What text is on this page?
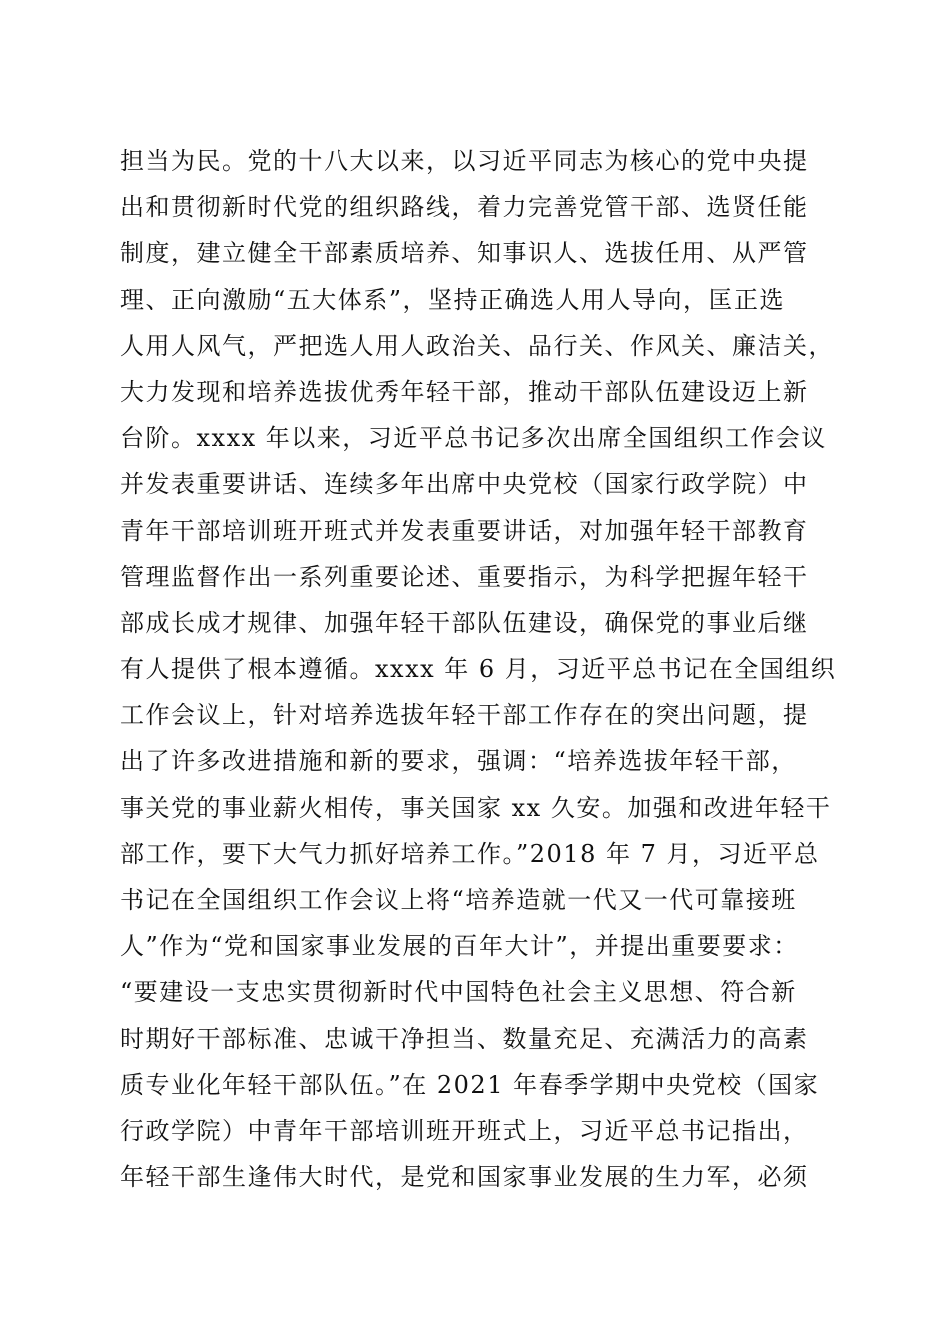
担当为民。党的十八大以来，以习近平同志为核心的党中央提
出和贯彻新时代党的组织路线，着力完善党管干部、选贤任能
制度，建立健全干部素质培养、知事识人、选拔任用、从严管
理、正向激励“五大体系”，坚持正确选人用人导向，匡正选
人用人风气，严把选人用人政治关、品行关、作风关、廉洁关，
大力发现和培养选拔优秀年轻干部，推动干部队伍建设迈上新
台阶。xxxx 年以来，习近平总书记多次出席全国组织工作会议
并发表重要讲话、连续多年出席中央党校（国家行政学院）中
青年干部培训班开班式并发表重要讲话，对加强年轻干部教育
管理监督作出一系列重要论述、重要指示，为科学把握年轻干
部成长成才规律、加强年轻干部队伍建设，确保党的事业后继
有人提供了根本遵循。xxxx 年 6 月，习近平总书记在全国组织
工作会议上，针对培养选拔年轻干部工作存在的突出问题，提
出了许多改进措施和新的要求，强调：“培养选拔年轻干部，
事关党的事业薪火相传，事关国家 xx 久安。加强和改进年轻干
部工作，要下大气力抓好培养工作。”2018 年 7 月，习近平总
书记在全国组织工作会议上将“培养造就一代又一代可靠接班
人”作为“党和国家事业发展的百年大计”，并提出重要要求：
“要建设一支忠实贯彻新时代中国特色社会主义思想、符合新
时期好干部标准、忠诚干净担当、数量充足、充满活力的高素
质专业化年轻干部队伍。”在 2021 年春季学期中央党校（国家
行政学院）中青年干部培训班开班式上，习近平总书记指出，
年轻干部生逢伟大时代，是党和国家事业发展的生力军，必须
